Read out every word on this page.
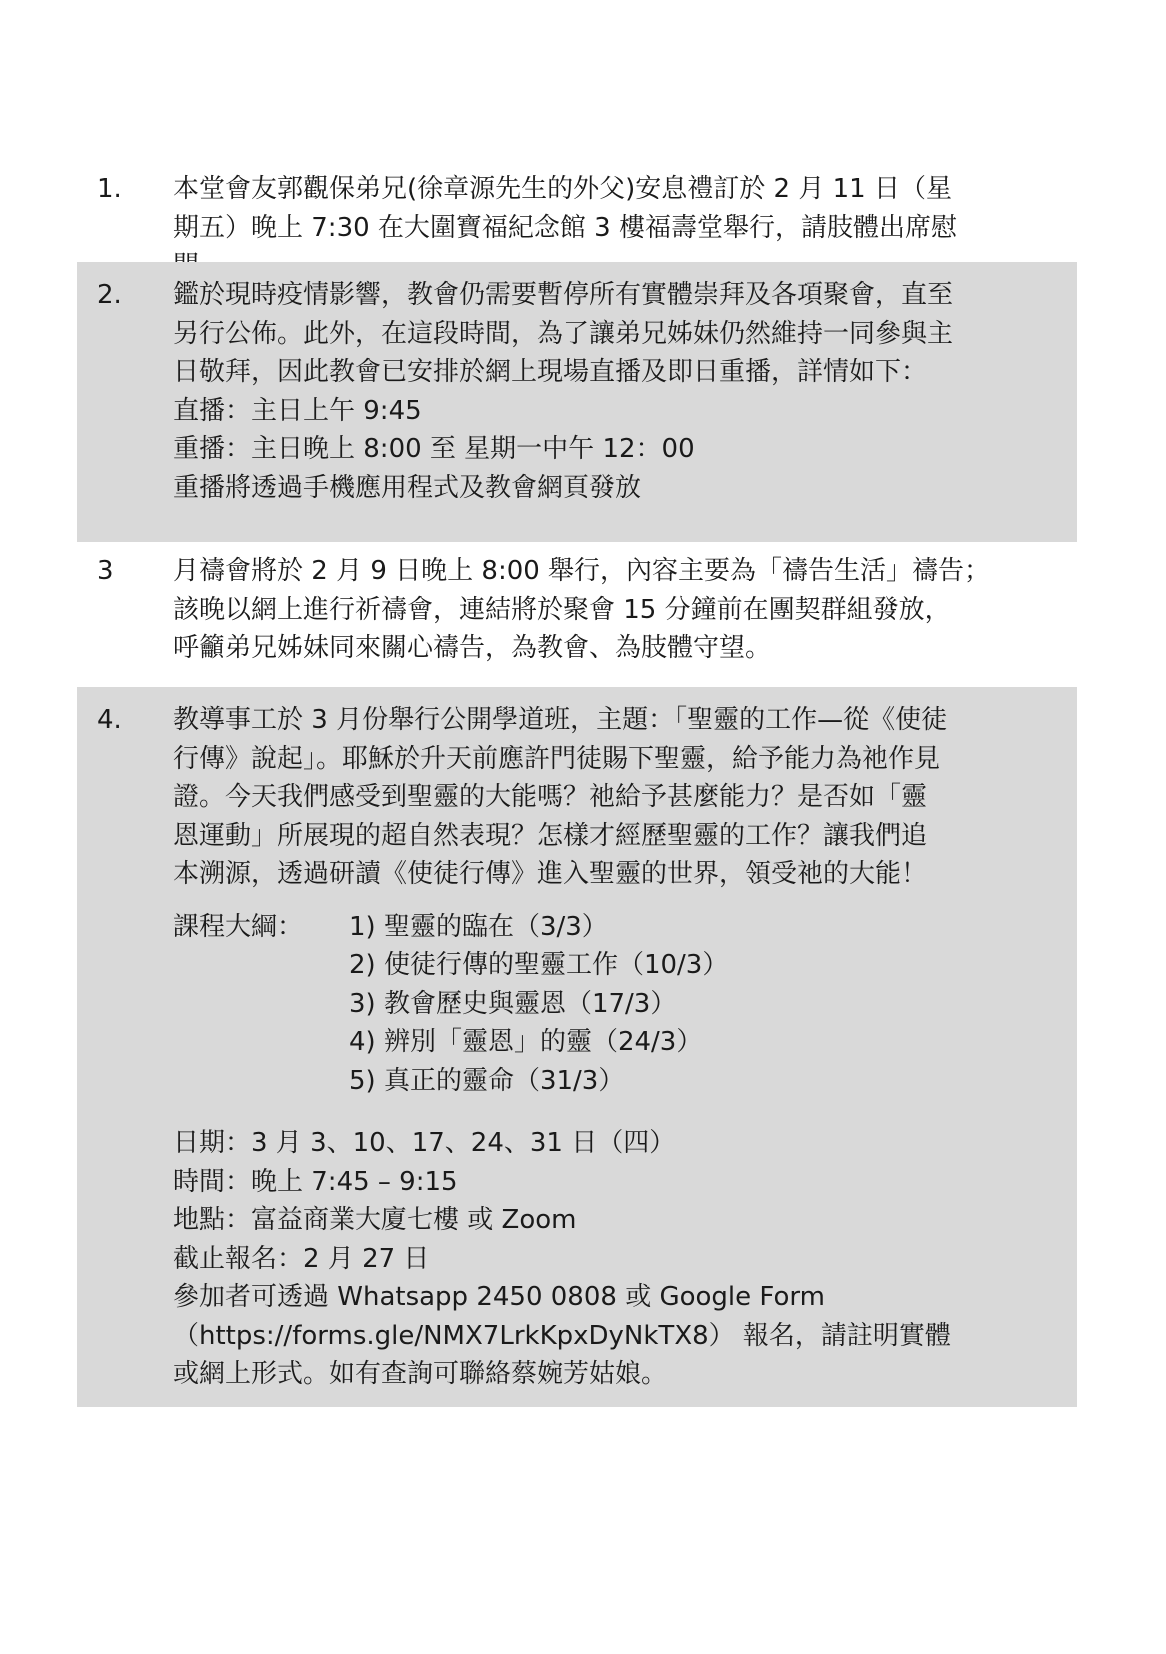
1. 本堂會友郭觀保弟兄(徐章源先生的外父)安息禮訂於 2 月 11 日（星

期五）晚上 7:30 在大圍寶福紀念館 3 樓福壽堂舉行，請肢體出席慰

2. 鑑於現時疫情影響，教會仍需要暫停所有實體崇拜及各項聚會，直至

另行公佈。此外，在這段時間，為了讓弟兄姊妹仍然維持一同參與主

日敬拜，因此教會已安排於網上現場直播及即日重播，詳情如下：

直播：主日上午 9:45

重播：主日晚上 8:00 至 星期一中午 12：00

重播將透過手機應用程式及教會網頁發放

3 月禱會將於 2 月 9 日晚上 8:00 舉行，內容主要為「禱告生活」禱告；

該晚以網上進行祈禱會，連結將於聚會 15 分鐘前在團契群組發放，

呼籲弟兄姊妹同來關心禱告，為教會、為肢體守望。

4. 教導事工於 3 月份舉行公開學道班，主題：「聖靈的工作—從《使徒

行傳》說起」。耶穌於升天前應許門徒賜下聖靈，給予能力為祂作見

證。今天我們感受到聖靈的大能嗎？祂給予甚麼能力？是否如「靈

恩運動」所展現的超自然表現？怎樣才經歷聖靈的工作？讓我們追

本溯源，透過研讀《使徒行傳》進入聖靈的世界，領受祂的大能！

課程大綱：	1) 聖靈的臨在（3/3）
2) 使徒行傳的聖靈工作（10/3）
3) 教會歷史與靈恩（17/3）
4) 辨別「靈恩」的靈（24/3）
5) 真正的靈命（31/3）

日期：3 月 3、10、17、24、31 日（四）

時間：晚上 7:45 – 9:15

地點：富益商業大廈七樓 或 Zoom

截止報名：2 月 27 日

參加者可透過 Whatsapp 2450 0808 或 Google Form

（https://forms.gle/NMX7LrkKpxDyNkTX8） 報名，請註明實體

或網上形式。如有查詢可聯絡蔡婉芳姑娘。
